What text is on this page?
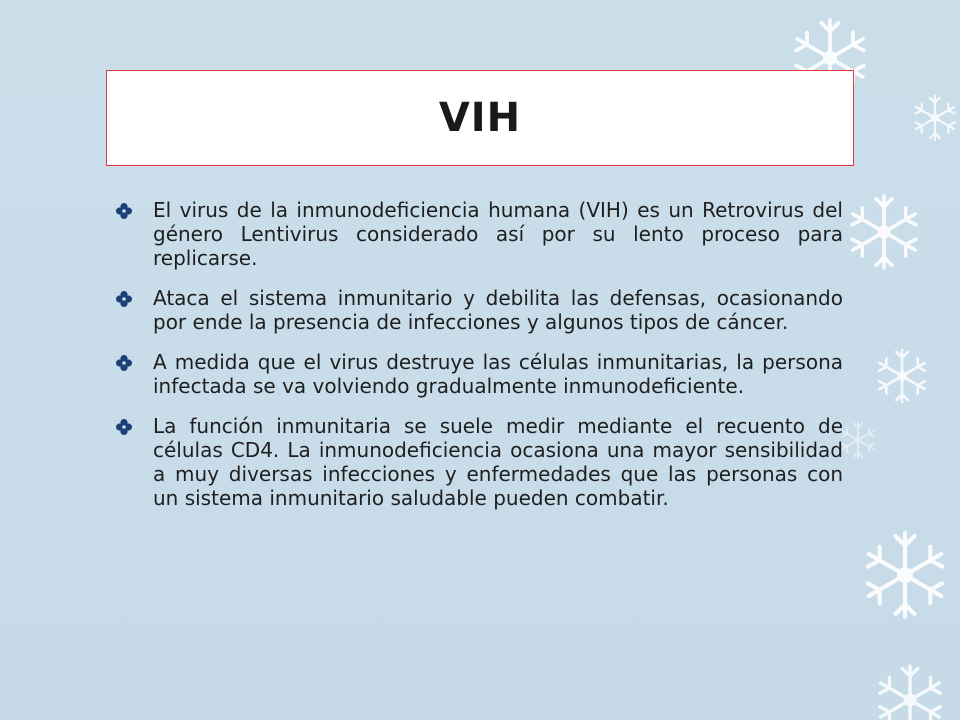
VIH
El virus de la inmunodeficiencia humana (VIH) es un Retrovirus del género Lentivirus considerado así por su lento proceso para replicarse.
Ataca el sistema inmunitario y debilita las defensas, ocasionando por ende la presencia de infecciones y algunos tipos de cáncer.
A medida que el virus destruye las células inmunitarias, la persona infectada se va volviendo gradualmente inmunodeficiente.
La función inmunitaria se suele medir mediante el recuento de células CD4. La inmunodeficiencia ocasiona una mayor sensibilidad a muy diversas infecciones y enfermedades que las personas con un sistema inmunitario saludable pueden combatir.
